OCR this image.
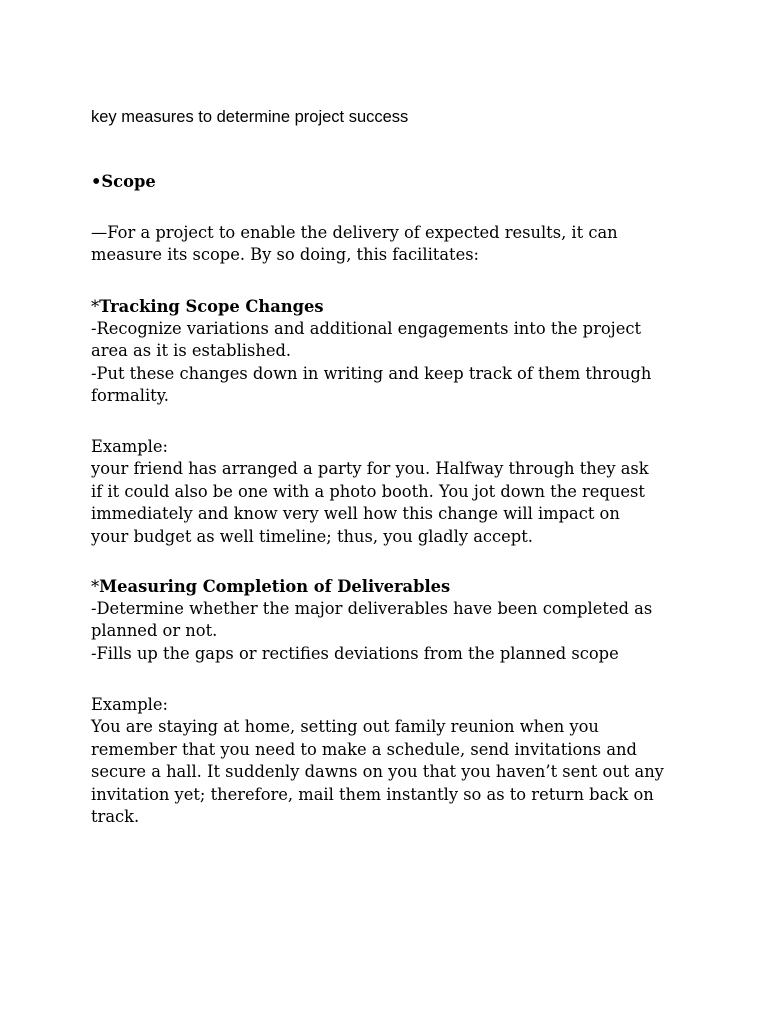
key measures to determine project success
•Scope

—For a project to enable the delivery of expected results, it can
measure its scope. By so doing, this facilitates:

*Tracking Scope Changes

-Recognize variations and additional engagements into the project
area as it is established.
-Put these changes down in writing and keep track of them through
formality.

Example:

your friend has arranged a party for you. Halfway through they ask
if it could also be one with a photo booth. You jot down the request
immediately and know very well how this change will impact on
your budget as well timeline; thus, you gladly accept.

*Measuring Completion of Deliverables

-Determine whether the major deliverables have been completed as
planned or not.
-Fills up the gaps or rectifies deviations from the planned scope

Example:

You are staying at home, setting out family reunion when you
remember that you need to make a schedule, send invitations and
secure a hall. It suddenly dawns on you that you haven’t sent out any
invitation yet; therefore, mail them instantly so as to return back on
track.
